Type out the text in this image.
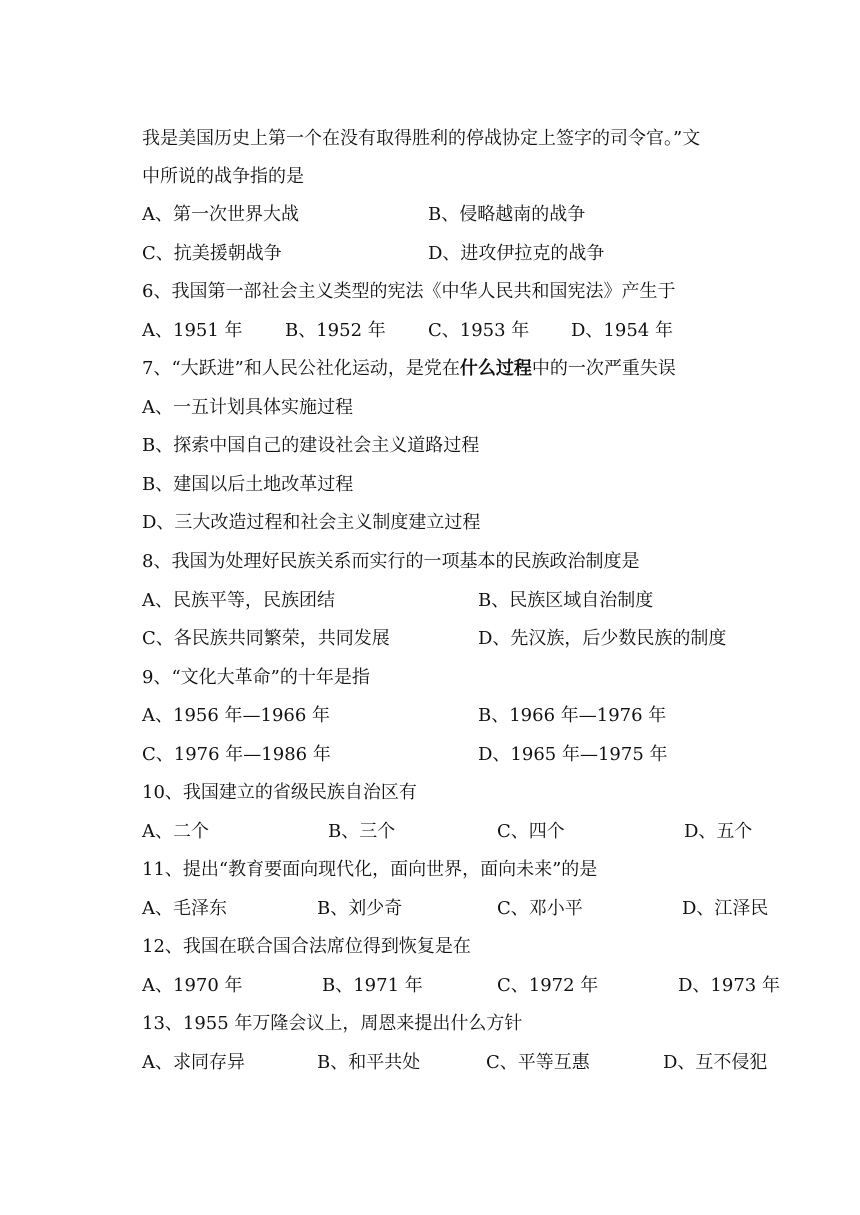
我是美国历史上第一个在没有取得胜利的停战协定上签字的司令官。”文
中所说的战争指的是
A、第一次世界大战	B、侵略越南的战争
C、抗美援朝战争	D、进攻伊拉克的战争
6、我国第一部社会主义类型的宪法《中华人民共和国宪法》产生于
A、1951 年 B、1952 年 C、1953 年 D、1954 年
7、“大跃进”和人民公社化运动，是党在什么过程中的一次严重失误
A、一五计划具体实施过程
B、探索中国自己的建设社会主义道路过程
B、建国以后土地改革过程
D、三大改造过程和社会主义制度建立过程
8、我国为处理好民族关系而实行的一项基本的民族政治制度是
A、民族平等，民族团结	B、民族区域自治制度
C、各民族共同繁荣，共同发展	D、先汉族，后少数民族的制度
9、“文化大革命”的十年是指
A、1956 年—1966 年	B、1966 年—1976 年
C、1976 年—1986 年	D、1965 年—1975 年
10、我国建立的省级民族自治区有
A、二个	B、三个	C、四个	D、五个
11、提出“教育要面向现代化，面向世界，面向未来”的是
A、毛泽东	B、刘少奇	C、邓小平	D、江泽民
12、我国在联合国合法席位得到恢复是在
A、1970 年	B、1971 年	C、1972 年	D、1973 年
13、1955 年万隆会议上，周恩来提出什么方针
A、求同存异	B、和平共处	C、平等互惠	D、互不侵犯
